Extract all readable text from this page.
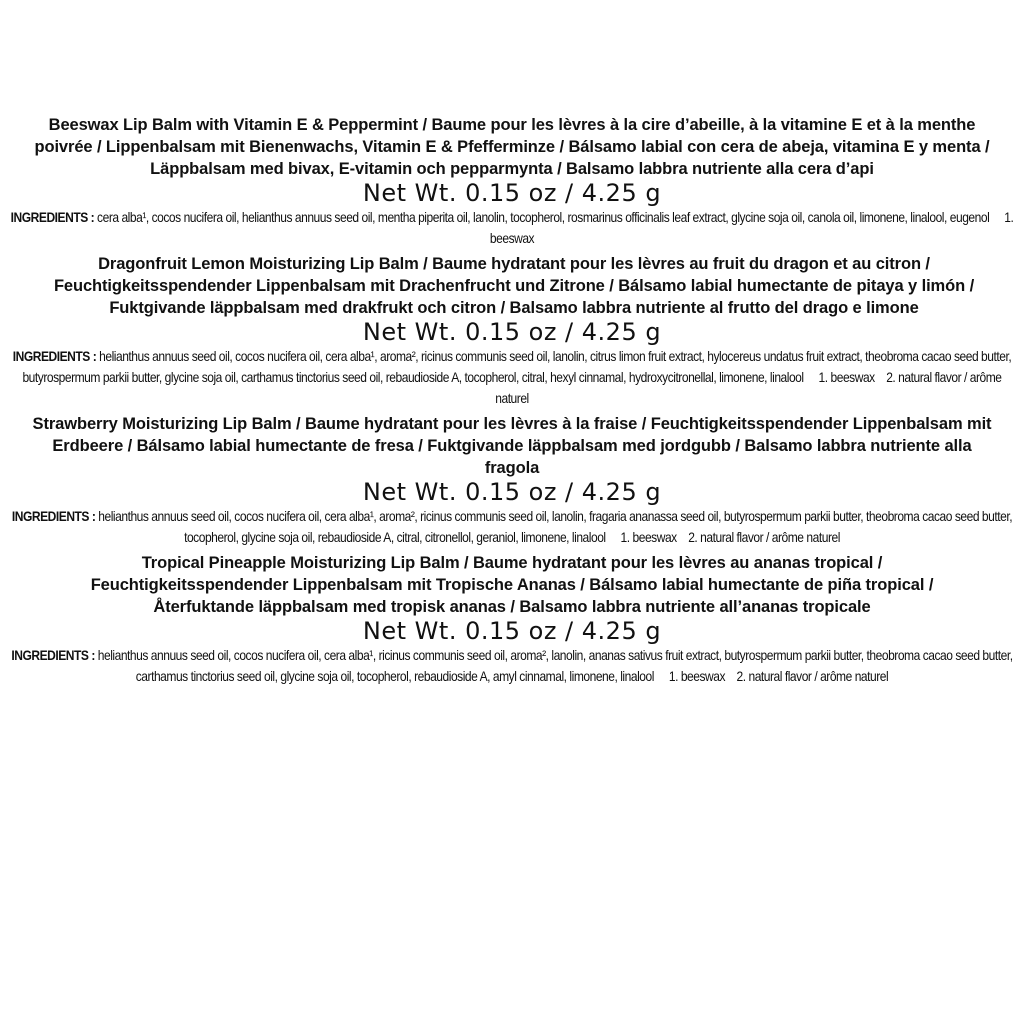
Beeswax Lip Balm with Vitamin E & Peppermint / Baume pour les lèvres à la cire d’abeille, à la vitamine E et à la menthe poivrée / Lippenbalsam mit Bienenwachs, Vitamin E & Pfefferminze / Bálsamo labial con cera de abeja, vitamina E y menta / Läppbalsam med bivax, E-vitamin och pepparmynta / Balsamo labbra nutriente alla cera d’api
Net Wt. 0.15 oz / 4.25 g
INGREDIENTS : cera alba¹, cocos nucifera oil, helianthus annuus seed oil, mentha piperita oil, lanolin, tocopherol, rosmarinus officinalis leaf extract, glycine soja oil, canola oil, limonene, linalool, eugenol 1. beeswax
Dragonfruit Lemon Moisturizing Lip Balm / Baume hydratant pour les lèvres au fruit du dragon et au citron / Feuchtigkeitsspendender Lippenbalsam mit Drachenfrucht und Zitrone / Bálsamo labial humectante de pitaya y limón / Fuktgivande läppbalsam med drakfrukt och citron / Balsamo labbra nutriente al frutto del drago e limone
Net Wt. 0.15 oz / 4.25 g
INGREDIENTS : helianthus annuus seed oil, cocos nucifera oil, cera alba¹, aroma², ricinus communis seed oil, lanolin, citrus limon fruit extract, hylocereus undatus fruit extract, theobroma cacao seed butter, butyrospermum parkii butter, glycine soja oil, carthamus tinctorius seed oil, rebaudioside A, tocopherol, citral, hexyl cinnamal, hydroxycitronellal, limonene, linalool 1. beeswax 2. natural flavor / arôme naturel
Strawberry Moisturizing Lip Balm / Baume hydratant pour les lèvres à la fraise / Feuchtigkeitsspendender Lippenbalsam mit Erdbeere / Bálsamo labial humectante de fresa / Fuktgivande läppbalsam med jordgubb / Balsamo labbra nutriente alla fragola
Net Wt. 0.15 oz / 4.25 g
INGREDIENTS : helianthus annuus seed oil, cocos nucifera oil, cera alba¹, aroma², ricinus communis seed oil, lanolin, fragaria ananassa seed oil, butyrospermum parkii butter, theobroma cacao seed butter, tocopherol, glycine soja oil, rebaudioside A, citral, citronellol, geraniol, limonene, linalool 1. beeswax 2. natural flavor / arôme naturel
Tropical Pineapple Moisturizing Lip Balm / Baume hydratant pour les lèvres au ananas tropical / Feuchtigkeitsspendender Lippenbalsam mit Tropische Ananas / Bálsamo labial humectante de piña tropical / Återfuktande läppbalsam med tropisk ananas / Balsamo labbra nutriente all’ananas tropicale
Net Wt. 0.15 oz / 4.25 g
INGREDIENTS : helianthus annuus seed oil, cocos nucifera oil, cera alba¹, ricinus communis seed oil, aroma², lanolin, ananas sativus fruit extract, butyrospermum parkii butter, theobroma cacao seed butter, carthamus tinctorius seed oil, glycine soja oil, tocopherol, rebaudioside A, amyl cinnamal, limonene, linalool 1. beeswax 2. natural flavor / arôme naturel
